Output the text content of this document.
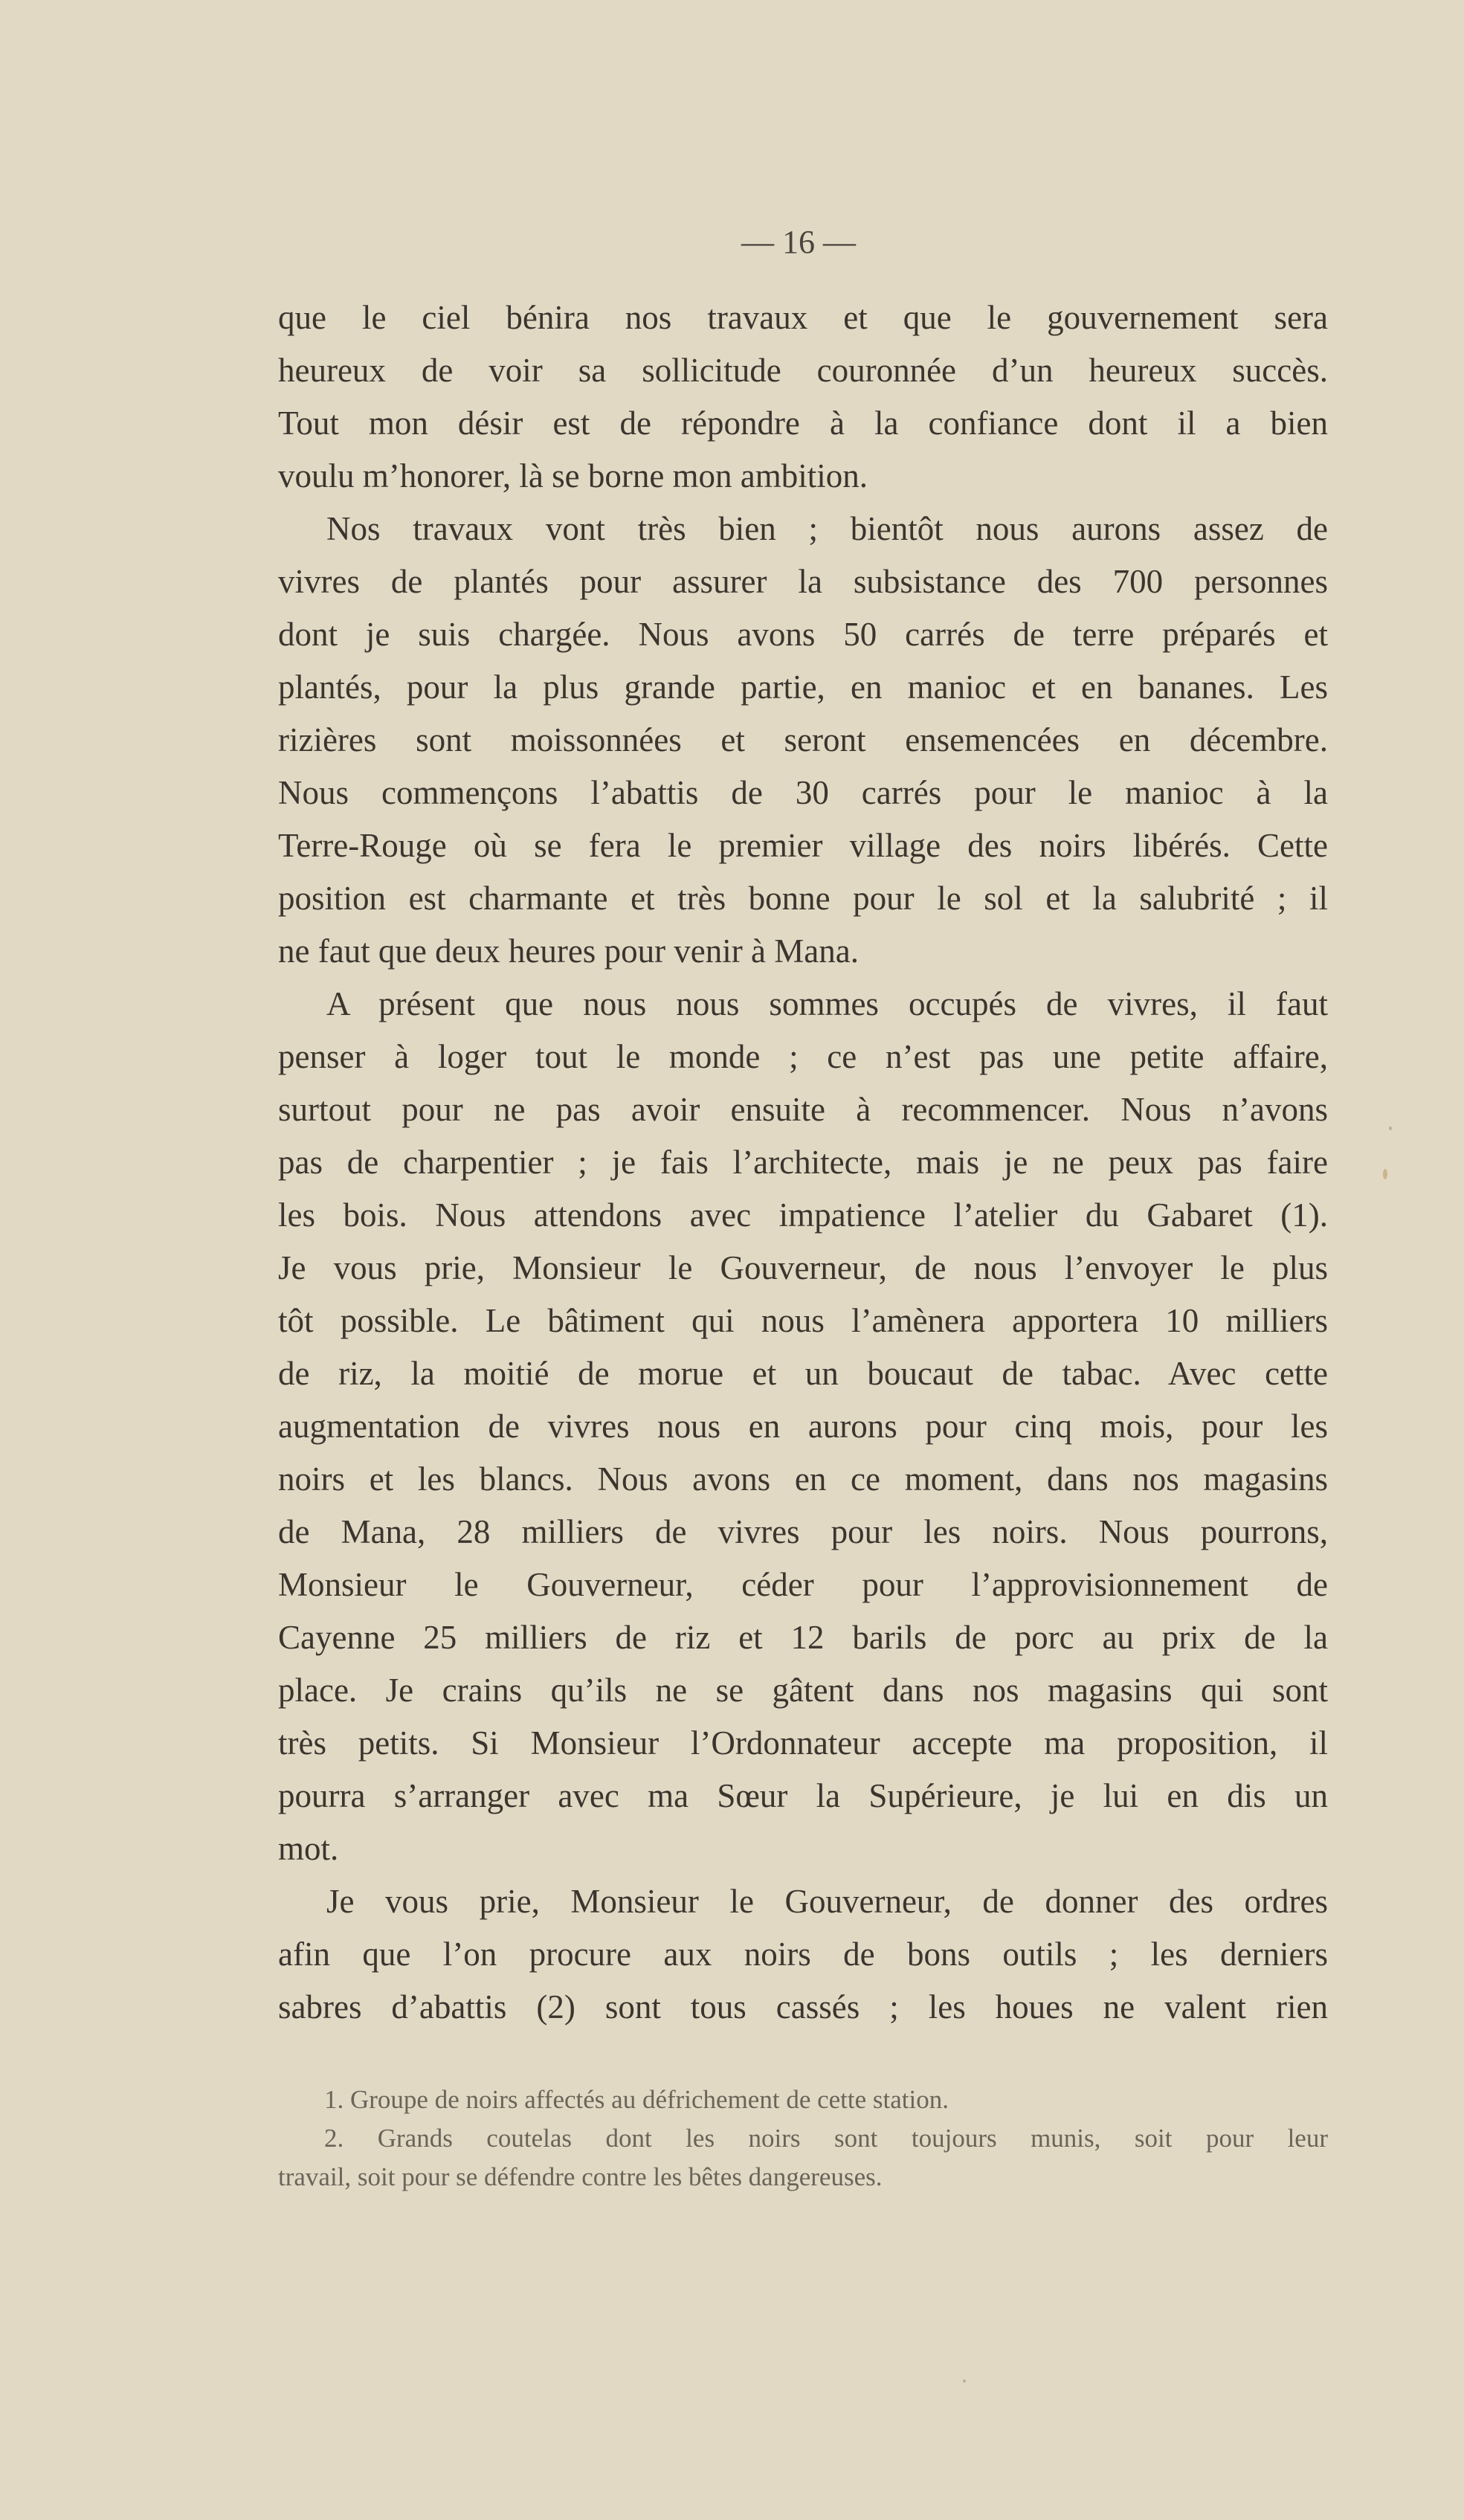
— 16 —
que le ciel bénira nos travaux et que le gouvernement sera
heureux de voir sa sollicitude couronnée d’un heureux succès.
Tout mon désir est de répondre à la confiance dont il a bien
voulu m’honorer, là se borne mon ambition.
Nos travaux vont très bien ; bientôt nous aurons assez de
vivres de plantés pour assurer la subsistance des 700 personnes
dont je suis chargée. Nous avons 50 carrés de terre préparés et
plantés, pour la plus grande partie, en manioc et en bananes. Les
rizières sont moissonnées et seront ensemencées en décembre.
Nous commençons l’abattis de 30 carrés pour le manioc à la
Terre-Rouge où se fera le premier village des noirs libérés. Cette
position est charmante et très bonne pour le sol et la salubrité ; il
ne faut que deux heures pour venir à Mana.
A présent que nous nous sommes occupés de vivres, il faut
penser à loger tout le monde ; ce n’est pas une petite affaire,
surtout pour ne pas avoir ensuite à recommencer. Nous n’avons
pas de charpentier ; je fais l’architecte, mais je ne peux pas faire
les bois. Nous attendons avec impatience l’atelier du Gabaret (1).
Je vous prie, Monsieur le Gouverneur, de nous l’envoyer le plus
tôt possible. Le bâtiment qui nous l’amènera apportera 10 milliers
de riz, la moitié de morue et un boucaut de tabac. Avec cette
augmentation de vivres nous en aurons pour cinq mois, pour les
noirs et les blancs. Nous avons en ce moment, dans nos magasins
de Mana, 28 milliers de vivres pour les noirs. Nous pourrons,
Monsieur le Gouverneur, céder pour l’approvisionnement de
Cayenne 25 milliers de riz et 12 barils de porc au prix de la
place. Je crains qu’ils ne se gâtent dans nos magasins qui sont
très petits. Si Monsieur l’Ordonnateur accepte ma proposition, il
pourra s’arranger avec ma Sœur la Supérieure, je lui en dis un
mot.
Je vous prie, Monsieur le Gouverneur, de donner des ordres
afin que l’on procure aux noirs de bons outils ; les derniers
sabres d’abattis (2) sont tous cassés ; les houes ne valent rien
1. Groupe de noirs affectés au défrichement de cette station.
2. Grands coutelas dont les noirs sont toujours munis, soit pour leur
travail, soit pour se défendre contre les bêtes dangereuses.
